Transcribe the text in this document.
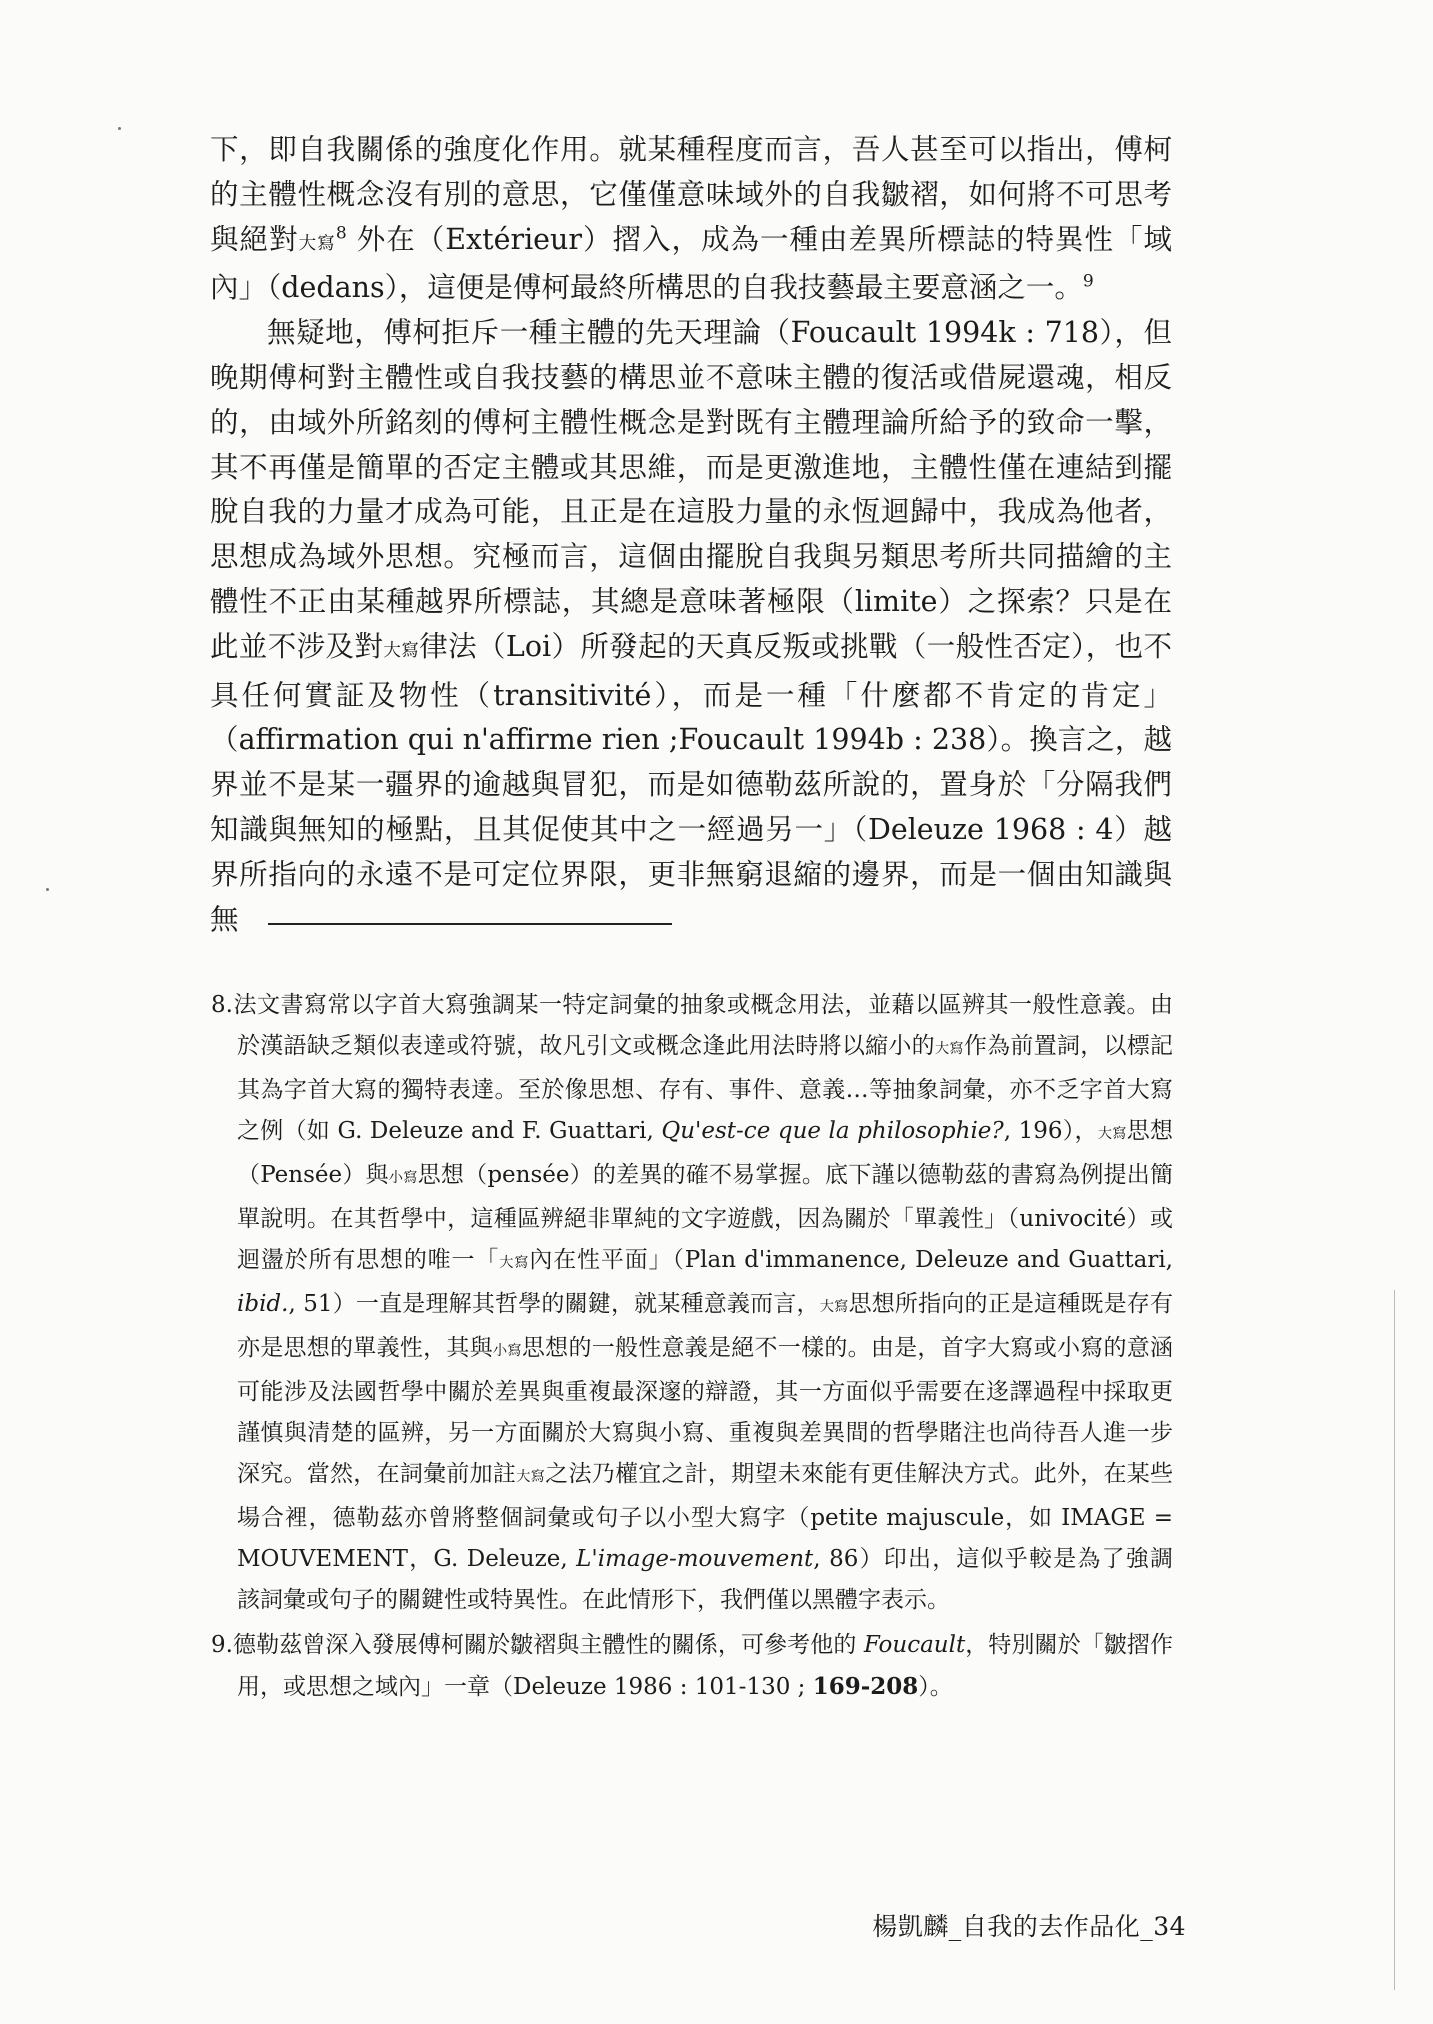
下，即自我關係的強度化作用。就某種程度而言，吾人甚至可以指出，傅柯的主體性概念沒有別的意思，它僅僅意味域外的自我皺褶，如何將不可思考與絕對大寫$^8$ 外在（Extérieur）摺入，成為一種由差異所標誌的特異性「域內」（dedans），這便是傅柯最終所構思的自我技藝最主要意涵之一。$^9$

無疑地，傅柯拒斥一種主體的先天理論（Foucault 1994k : 718），但晚期傅柯對主體性或自我技藝的構思並不意味主體的復活或借屍還魂，相反的，由域外所銘刻的傅柯主體性概念是對既有主體理論所給予的致命一擊，其不再僅是簡單的否定主體或其思維，而是更激進地，主體性僅在連結到擺脫自我的力量才成為可能，且正是在這股力量的永恆迴歸中，我成為他者，思想成為域外思想。究極而言，這個由擺脫自我與另類思考所共同描繪的主體性不正由某種越界所標誌，其總是意味著極限（limite）之探索？只是在此並不涉及對大寫律法（Loi）所發起的天真反叛或挑戰（一般性否定），也不具任何實証及物性（transitivité），而是一種「什麼都不肯定的肯定」（affirmation qui n'affirme rien ;Foucault 1994b : 238）。換言之，越界並不是某一疆界的逾越與冒犯，而是如德勒茲所說的，置身於「分隔我們知識與無知的極點，且其促使其中之一經過另一」（Deleuze 1968 : 4）越界所指向的永遠不是可定位界限，更非無窮退縮的邊界，而是一個由知識與無

8.法文書寫常以字首大寫強調某一特定詞彙的抽象或概念用法，並藉以區辨其一般性意義。由於漢語缺乏類似表達或符號，故凡引文或概念逢此用法時將以縮小的大寫作為前置詞，以標記其為字首大寫的獨特表達。至於像思想、存有、事件、意義…等抽象詞彙，亦不乏字首大寫之例（如 G. Deleuze and F. Guattari, Qu'est-ce que la philosophie?, 196），大寫思想（Pensée）與小寫思想（pensée）的差異的確不易掌握。底下謹以德勒茲的書寫為例提出簡單說明。在其哲學中，這種區辨絕非單純的文字遊戲，因為關於「單義性」（univocité）或迴盪於所有思想的唯一「大寫內在性平面」（Plan d'immanence, Deleuze and Guattari, ibid., 51）一直是理解其哲學的關鍵，就某種意義而言，大寫思想所指向的正是這種既是存有亦是思想的單義性，其與小寫思想的一般性意義是絕不一樣的。由是，首字大寫或小寫的意涵可能涉及法國哲學中關於差異與重複最深邃的辯證，其一方面似乎需要在迻譯過程中採取更謹慎與清楚的區辨，另一方面關於大寫與小寫、重複與差異間的哲學賭注也尚待吾人進一步深究。當然，在詞彙前加註大寫之法乃權宜之計，期望未來能有更佳解決方式。此外，在某些場合裡，德勒茲亦曾將整個詞彙或句子以小型大寫字（petite majuscule，如 IMAGE = MOUVEMENT，G. Deleuze, L'image-mouvement, 86）印出，這似乎較是為了強調該詞彙或句子的關鍵性或特異性。在此情形下，我們僅以黑體字表示。

9.德勒茲曾深入發展傅柯關於皺褶與主體性的關係，可參考他的 Foucault，特別關於「皺摺作用，或思想之域內」一章（Deleuze 1986 : 101-130 ; 169-208）。

楊凱麟_自我的去作品化_34
